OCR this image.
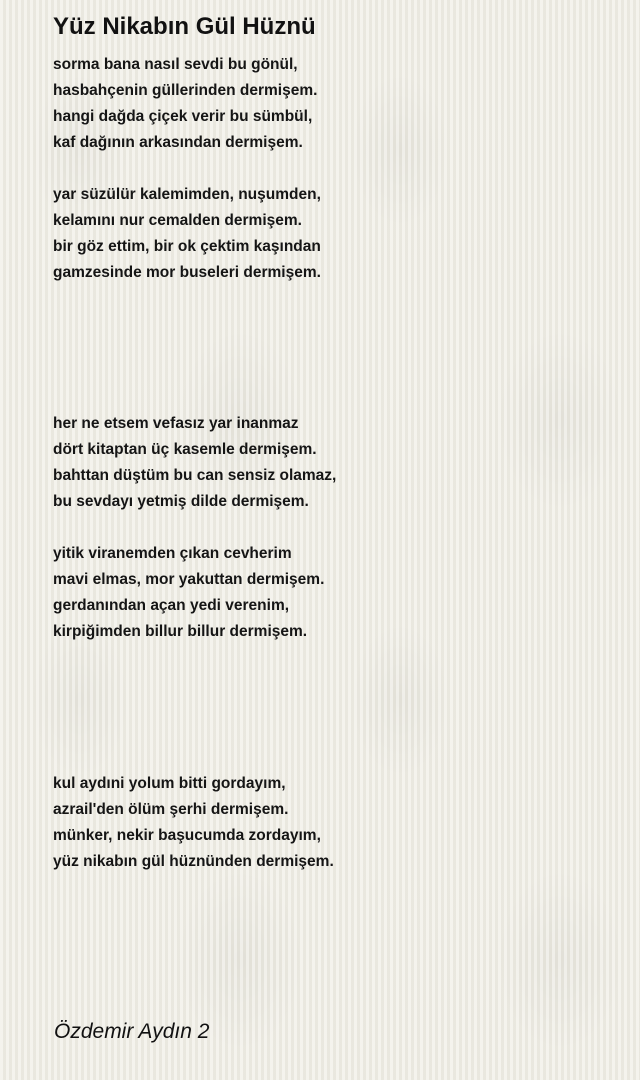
Yüz Nikabın Gül Hüznü
sorma bana nasıl sevdi bu gönül,
hasbahçenin güllerinden dermişem.
hangi dağda çiçek verir bu sümbül,
kaf dağının arkasından dermişem.
yar süzülür kalemimden, nuşumden,
kelamını nur cemalden dermişem.
bir göz ettim, bir ok çektim kaşından
gamzesinde mor buseleri dermişem.
her ne etsem vefasız yar inanmaz
dört kitaptan üç kasemle dermişem.
bahttan düştüm bu can sensiz olamaz,
bu sevdayı yetmiş dilde dermişem.
yitik viranemden çıkan cevherim
mavi elmas, mor yakuttan dermişem.
gerdanından açan yedi verenim,
kirpiğimden billur billur dermişem.
kul aydıni yolum bitti gordayım,
azrail'den ölüm şerhi dermişem.
münker, nekir başucumda zordayım,
yüz nikabın gül hüznünden dermişem.
Özdemir Aydın 2
